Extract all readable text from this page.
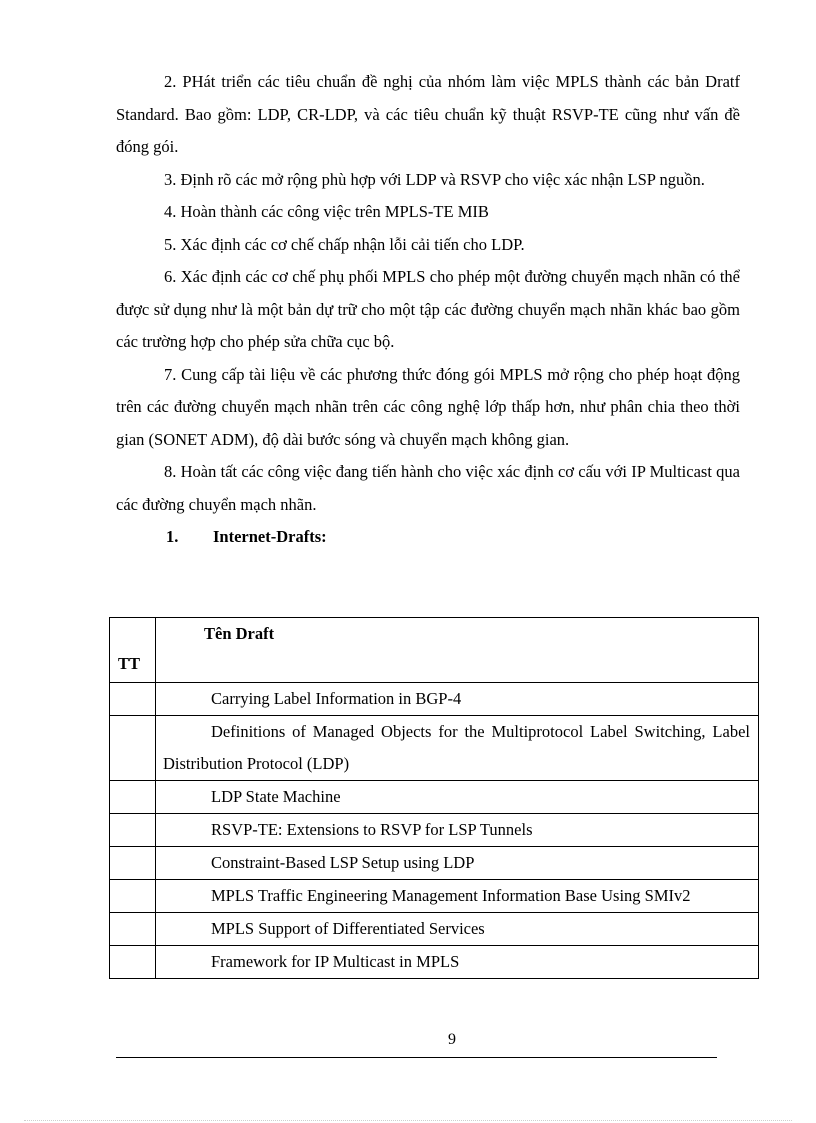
2. PHát triển các tiêu chuẩn đề nghị của nhóm làm việc MPLS thành các bản Dratf Standard. Bao gồm: LDP, CR-LDP, và các tiêu chuẩn kỹ thuật RSVP-TE cũng như vấn đề đóng gói.

3. Định rõ các mở rộng phù hợp với LDP và RSVP cho việc xác nhận LSP nguồn.

4. Hoàn thành các công việc trên MPLS-TE MIB

5. Xác định các cơ chế chấp nhận lỗi cải tiến cho LDP.

6. Xác định các cơ chế phụ phối MPLS cho phép một đường chuyển mạch nhãn có thể được sử dụng như là một bản dự trữ cho một tập các đường chuyển mạch nhãn khác bao gồm các trường hợp cho phép sửa chữa cục bộ.

7. Cung cấp tài liệu về các phương thức đóng gói MPLS mở rộng cho phép hoạt động trên các đường chuyển mạch nhãn trên các công nghệ lớp thấp hơn, như phân chia theo thời gian (SONET ADM), độ dài bước sóng và chuyển mạch không gian.

8. Hoàn tất các công việc đang tiến hành cho việc xác định cơ cấu với IP Multicast qua các đường chuyển mạch nhãn.

1. Internet-Drafts:

TT	Tên Draft

	Carrying Label Information in BGP-4

	Definitions of Managed Objects for the Multiprotocol Label Switching, Label Distribution Protocol (LDP)

	LDP State Machine

	RSVP-TE: Extensions to RSVP for LSP Tunnels

	Constraint-Based LSP Setup using LDP

	MPLS Traffic Engineering Management Information Base Using SMIv2

	MPLS Support of Differentiated Services

	Framework for IP Multicast in MPLS
9
